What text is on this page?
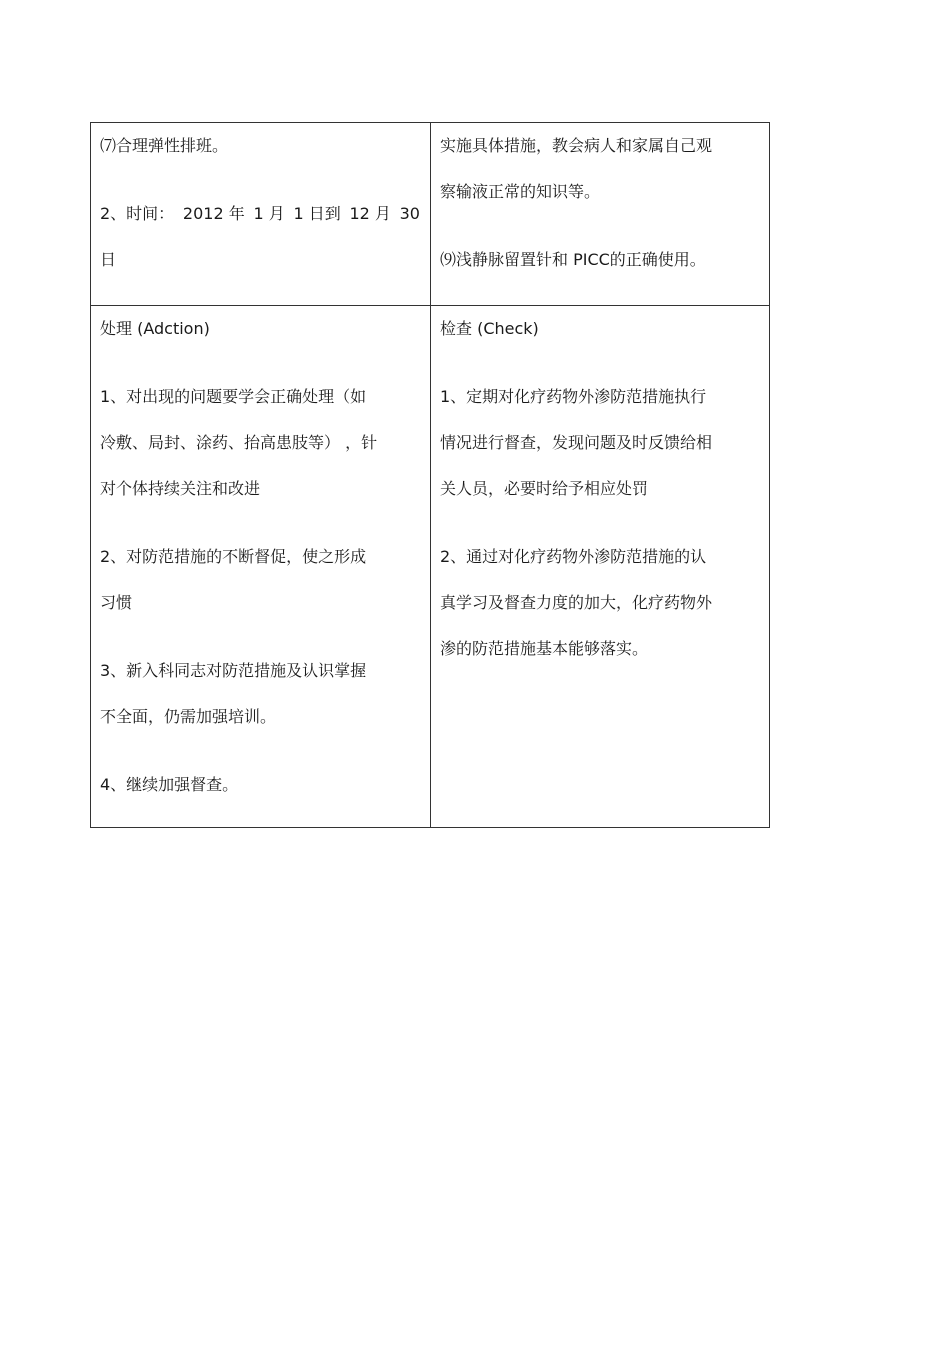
⑺合理弹性排班。
2、时间： 2012 年 1 月 1 日到 12 月 30
日
实施具体措施，教会病人和家属自己观
察输液正常的知识等。
⑼浅静脉留置针和 PICC的正确使用。
处理 (Adction)
1、对出现的问题要学会正确处理（如
冷敷、局封、涂药、抬高患肢等） ，针
对个体持续关注和改进
2、对防范措施的不断督促，使之形成
习惯
3、新入科同志对防范措施及认识掌握
不全面，仍需加强培训。
4、继续加强督查。
检查 (Check)
1、定期对化疗药物外渗防范措施执行
情况进行督查，发现问题及时反馈给相
关人员，必要时给予相应处罚
2、通过对化疗药物外渗防范措施的认
真学习及督查力度的加大，化疗药物外
渗的防范措施基本能够落实。
